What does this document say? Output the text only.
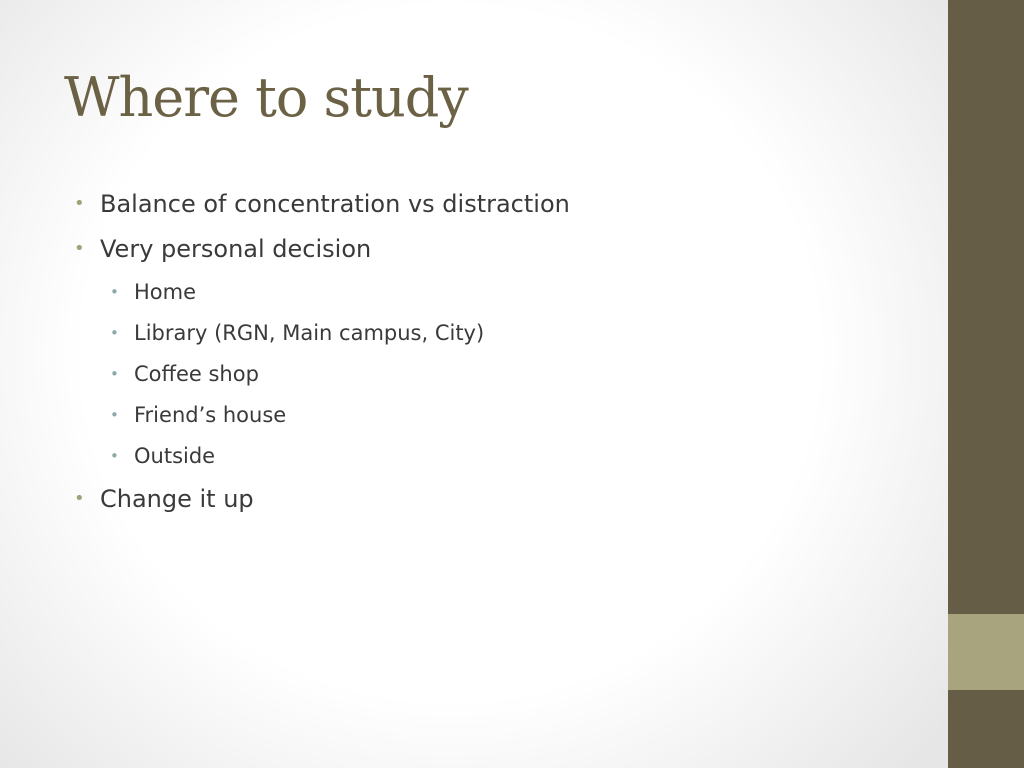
Where to study
• Balance of concentration vs distraction
• Very personal decision
• Home
• Library (RGN, Main campus, City)
• Coffee shop
• Friend’s house
• Outside
• Change it up
